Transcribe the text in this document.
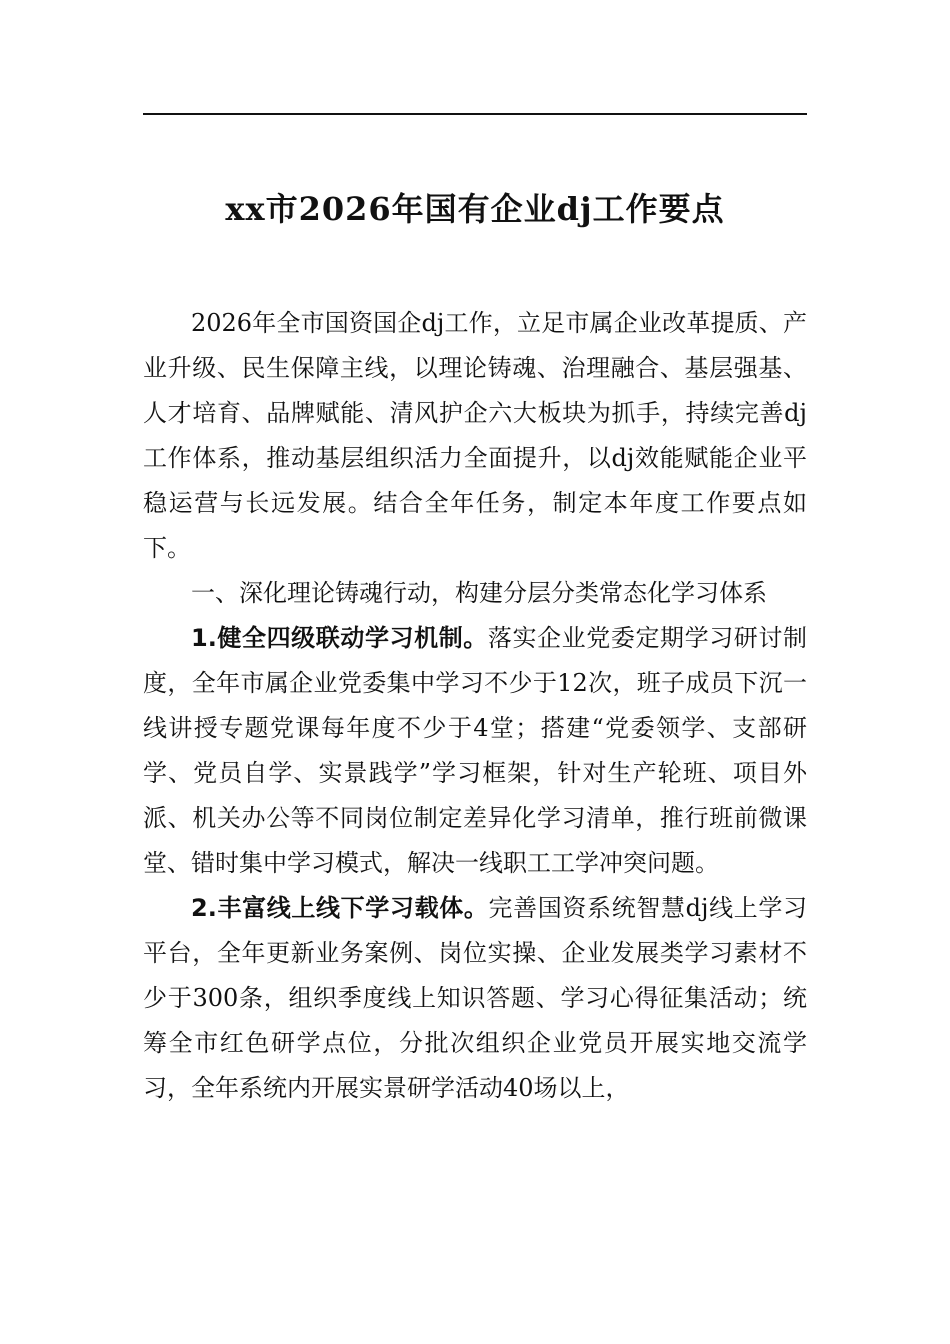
xx市2026年国有企业dj工作要点

2026年全市国资国企dj工作，立足市属企业改革提质、产业升级、民生保障主线，以理论铸魂、治理融合、基层强基、人才培育、品牌赋能、清风护企六大板块为抓手，持续完善dj工作体系，推动基层组织活力全面提升，以dj效能赋能企业平稳运营与长远发展。结合全年任务，制定本年度工作要点如下。

一、深化理论铸魂行动，构建分层分类常态化学习体系

1.健全四级联动学习机制。落实企业党委定期学习研讨制度，全年市属企业党委集中学习不少于12次，班子成员下沉一线讲授专题党课每年度不少于4堂；搭建“党委领学、支部研学、党员自学、实景践学”学习框架，针对生产轮班、项目外派、机关办公等不同岗位制定差异化学习清单，推行班前微课堂、错时集中学习模式，解决一线职工工学冲突问题。

2.丰富线上线下学习载体。完善国资系统智慧dj线上学习平台，全年更新业务案例、岗位实操、企业发展类学习素材不少于300条，组织季度线上知识答题、学习心得征集活动；统筹全市红色研学点位，分批次组织企业党员开展实地交流学习，全年系统内开展实景研学活动40场以上，
